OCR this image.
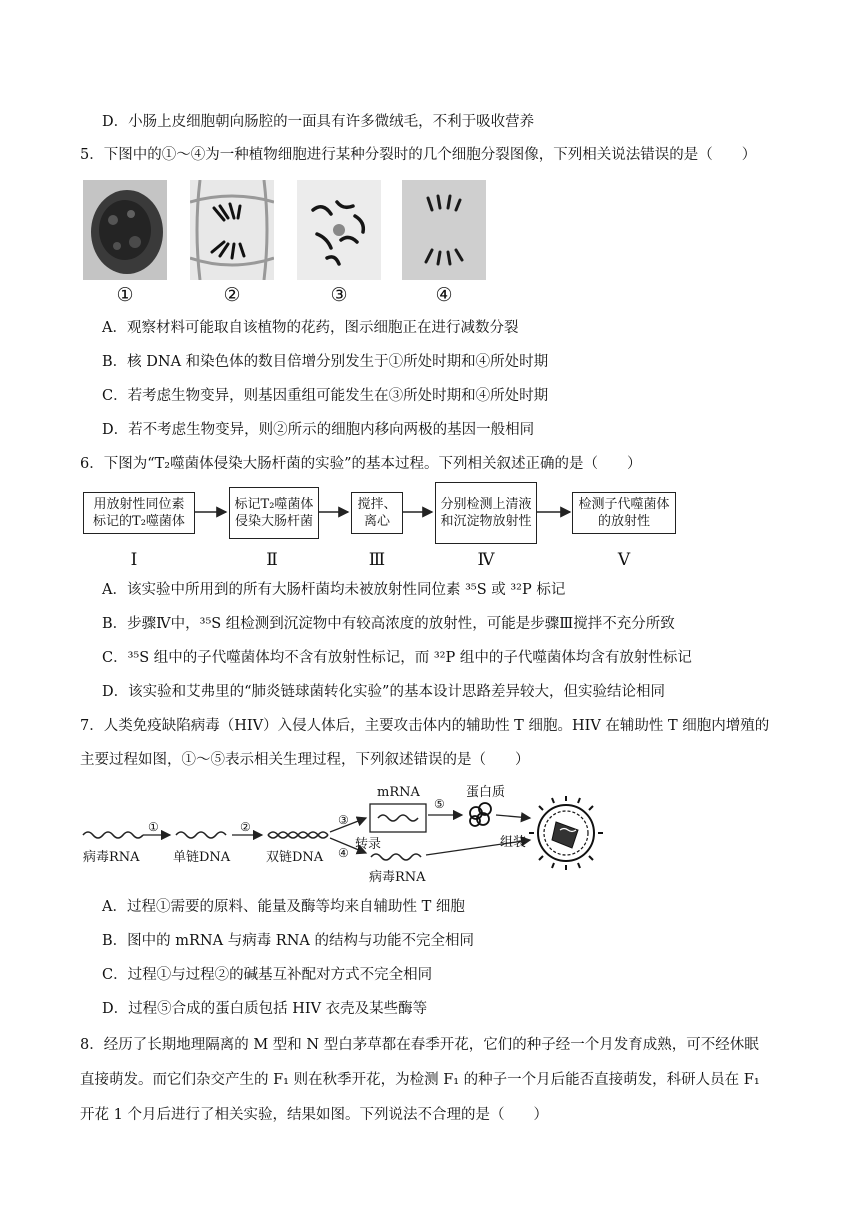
D．小肠上皮细胞朝向肠腔的一面具有许多微绒毛，不利于吸收营养
5．下图中的①～④为一种植物细胞进行某种分裂时的几个细胞分裂图像，下列相关说法错误的是（　　）
①	②	③	④
A．观察材料可能取自该植物的花药，图示细胞正在进行减数分裂
B．核 DNA 和染色体的数目倍增分别发生于①所处时期和④所处时期
C．若考虑生物变异，则基因重组可能发生在③所处时期和④所处时期
D．若不考虑生物变异，则②所示的细胞内移向两极的基因一般相同
6．下图为“T₂噬菌体侵染大肠杆菌的实验”的基本过程。下列相关叙述正确的是（　　）
用放射性同位素标记的T₂噬菌体
标记T₂噬菌体侵染大肠杆菌
搅拌、离心
分别检测上清液和沉淀物放射性
检测子代噬菌体的放射性
Ⅰ	Ⅱ	Ⅲ	Ⅳ	Ⅴ
A．该实验中所用到的所有大肠杆菌均未被放射性同位素 ³⁵S 或 ³²P 标记
B．步骤Ⅳ中，³⁵S 组检测到沉淀物中有较高浓度的放射性，可能是步骤Ⅲ搅拌不充分所致
C．³⁵S 组中的子代噬菌体均不含有放射性标记，而 ³²P 组中的子代噬菌体均含有放射性标记
D．该实验和艾弗里的“肺炎链球菌转化实验”的基本设计思路差异较大，但实验结论相同
7．人类免疫缺陷病毒（HIV）入侵人体后，主要攻击体内的辅助性 T 细胞。HIV 在辅助性 T 细胞内增殖的
主要过程如图，①～⑤表示相关生理过程，下列叙述错误的是（　　）
①	②	③
④
⑤
mRNA	蛋白质
转录	组装
病毒RNA	单链DNA	双链DNA
病毒RNA
A．过程①需要的原料、能量及酶等均来自辅助性 T 细胞
B．图中的 mRNA 与病毒 RNA 的结构与功能不完全相同
C．过程①与过程②的碱基互补配对方式不完全相同
D．过程⑤合成的蛋白质包括 HIV 衣壳及某些酶等
8．经历了长期地理隔离的 M 型和 N 型白茅草都在春季开花，它们的种子经一个月发育成熟，可不经休眠
直接萌发。而它们杂交产生的 F₁ 则在秋季开花，为检测 F₁ 的种子一个月后能否直接萌发，科研人员在 F₁
开花 1 个月后进行了相关实验，结果如图。下列说法不合理的是（　　）
